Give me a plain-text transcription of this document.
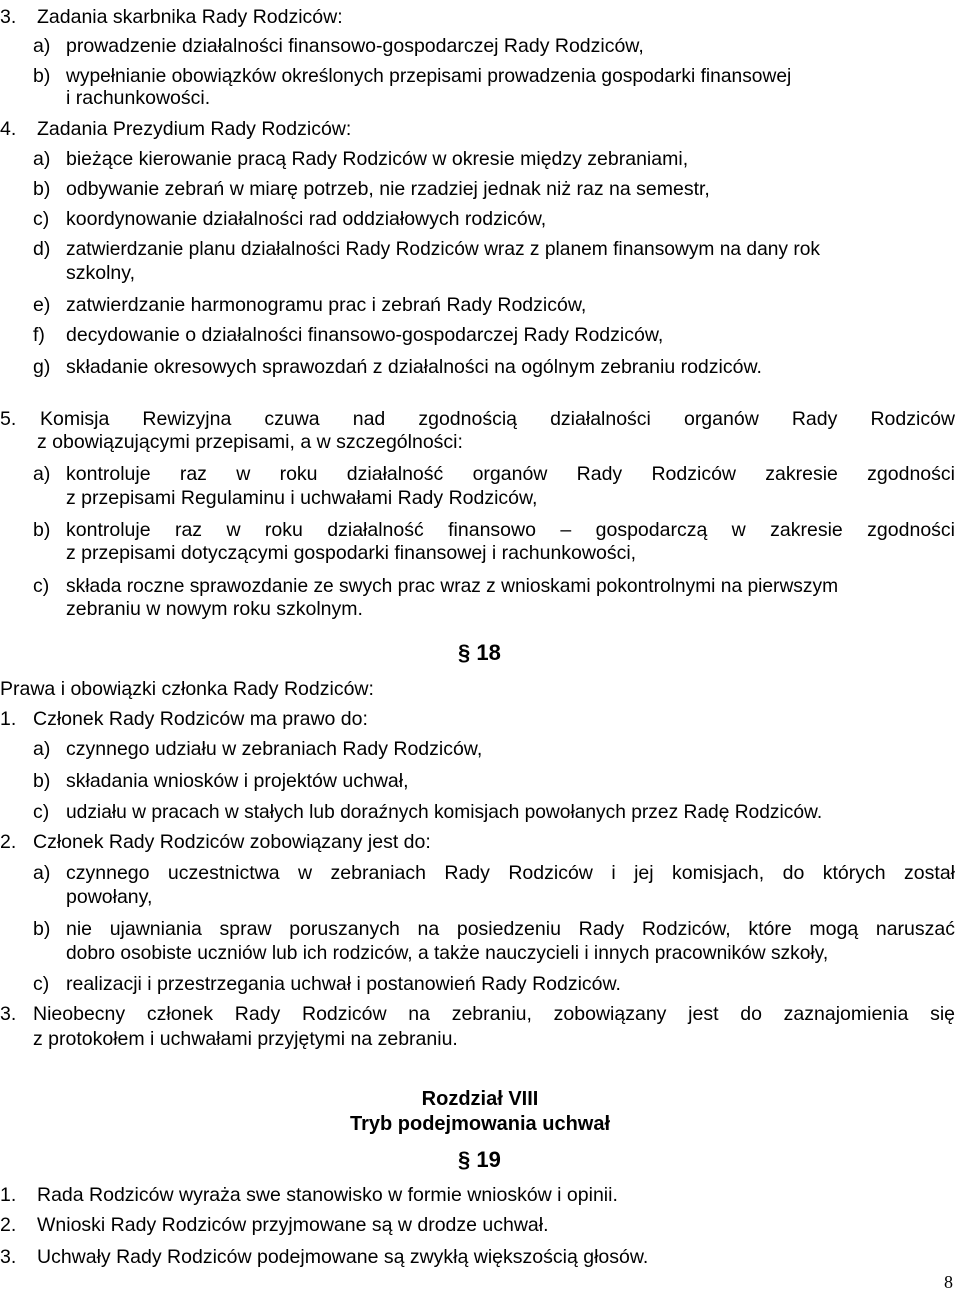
3. Zadania skarbnika Rady Rodziców:
a) prowadzenie działalności finansowo-gospodarczej Rady Rodziców,
b) wypełnianie obowiązków określonych przepisami prowadzenia gospodarki finansowej
i rachunkowości.
4. Zadania Prezydium Rady Rodziców:
a) bieżące kierowanie pracą Rady Rodziców w okresie między zebraniami,
b) odbywanie zebrań w miarę potrzeb, nie rzadziej jednak niż raz na semestr,
c) koordynowanie działalności rad oddziałowych rodziców,
d) zatwierdzanie planu działalności Rady Rodziców wraz z planem finansowym na dany rok
szkolny,
e) zatwierdzanie harmonogramu prac i zebrań Rady Rodziców,
f) decydowanie o działalności finansowo-gospodarczej Rady Rodziców,
g) składanie okresowych sprawozdań z działalności na ogólnym zebraniu rodziców.
5. Komisja Rewizyjna czuwa nad zgodnością działalności organów Rady Rodziców
z obowiązującymi przepisami, a w szczególności:
a) kontroluje raz w roku działalność organów Rady Rodziców zakresie zgodności
z przepisami Regulaminu i uchwałami Rady Rodziców,
b) kontroluje raz w roku działalność finansowo – gospodarczą w zakresie zgodności
z przepisami dotyczącymi gospodarki finansowej i rachunkowości,
c) składa roczne sprawozdanie ze swych prac wraz z wnioskami pokontrolnymi na pierwszym
zebraniu w nowym roku szkolnym.
§ 18
Prawa i obowiązki członka Rady Rodziców:
1. Członek Rady Rodziców ma prawo do:
a) czynnego udziału w zebraniach Rady Rodziców,
b) składania wniosków i projektów uchwał,
c) udziału w pracach w stałych lub doraźnych komisjach powołanych przez Radę Rodziców.
2. Członek Rady Rodziców zobowiązany jest do:
a) czynnego uczestnictwa w zebraniach Rady Rodziców i jej komisjach, do których został
powołany,
b) nie ujawniania spraw poruszanych na posiedzeniu Rady Rodziców, które mogą naruszać
dobro osobiste uczniów lub ich rodziców, a także nauczycieli i innych pracowników szkoły,
c) realizacji i przestrzegania uchwał i postanowień Rady Rodziców.
3. Nieobecny członek Rady Rodziców na zebraniu, zobowiązany jest do zaznajomienia się
z protokołem i uchwałami przyjętymi na zebraniu.
Rozdział VIII
Tryb podejmowania uchwał
§ 19
1. Rada Rodziców wyraża swe stanowisko w formie wniosków i opinii.
2. Wnioski Rady Rodziców przyjmowane są w drodze uchwał.
3. Uchwały Rady Rodziców podejmowane są zwykłą większością głosów.
8
